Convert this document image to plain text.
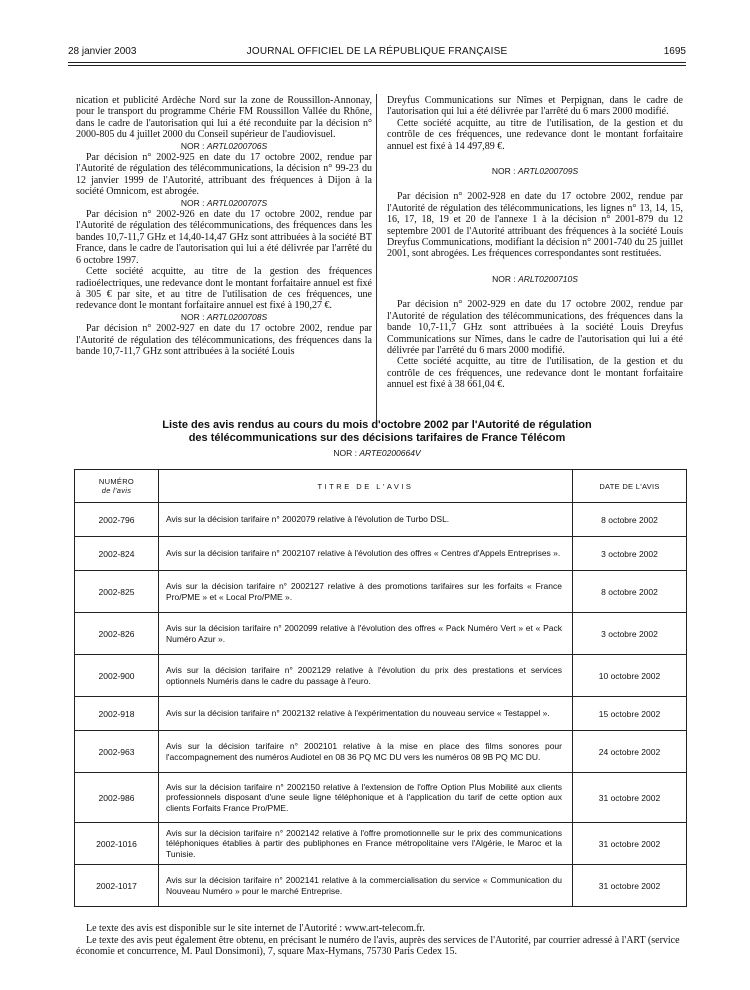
28 janvier 2003	JOURNAL OFFICIEL DE LA RÉPUBLIQUE FRANÇAISE	1695

nication et publicité Ardèche Nord sur la zone de Roussillon-Annonay, pour le transport du programme Chérie FM Roussillon Vallée du Rhône, dans le cadre de l'autorisation qui lui a été reconduite par la décision n° 2000-805 du 4 juillet 2000 du Conseil supérieur de l'audiovisuel.

NOR : ARTL0200706S

Par décision n° 2002-925 en date du 17 octobre 2002, rendue par l'Autorité de régulation des télécommunications, la décision n° 99-23 du 12 janvier 1999 de l'Autorité, attribuant des fréquences à Dijon à la société Omnicom, est abrogée.

NOR : ARTL0200707S

Par décision n° 2002-926 en date du 17 octobre 2002, rendue par l'Autorité de régulation des télécommunications, des fréquences dans les bandes 10,7-11,7 GHz et 14,40-14,47 GHz sont attribuées à la société BT France, dans le cadre de l'autorisation qui lui a été délivrée par l'arrêté du 6 octobre 1997.

Cette société acquitte, au titre de la gestion des fréquences radioélectriques, une redevance dont le montant forfaitaire annuel est fixé à 305 € par site, et au titre de l'utilisation de ces fréquences, une redevance dont le montant forfaitaire annuel est fixé à 190,27 €.

NOR : ARTL0200708S

Par décision n° 2002-927 en date du 17 octobre 2002, rendue par l'Autorité de régulation des télécommunications, des fréquences dans la bande 10,7-11,7 GHz sont attribuées à la société Louis

Dreyfus Communications sur Nîmes et Perpignan, dans le cadre de l'autorisation qui lui a été délivrée par l'arrêté du 6 mars 2000 modifié.

Cette société acquitte, au titre de l'utilisation, de la gestion et du contrôle de ces fréquences, une redevance dont le montant forfaitaire annuel est fixé à 14 497,89 €.

NOR : ARTL0200709S

Par décision n° 2002-928 en date du 17 octobre 2002, rendue par l'Autorité de régulation des télécommunications, les lignes n° 13, 14, 15, 16, 17, 18, 19 et 20 de l'annexe 1 à la décision n° 2001-879 du 12 septembre 2001 de l'Autorité attribuant des fréquences à la société Louis Dreyfus Communications, modifiant la décision n° 2001-740 du 25 juillet 2001, sont abrogées. Les fréquences correspondantes sont restituées.

NOR : ARLT0200710S

Par décision n° 2002-929 en date du 17 octobre 2002, rendue par l'Autorité de régulation des télécommunications, des fréquences dans la bande 10,7-11,7 GHz sont attribuées à la société Louis Dreyfus Communications sur Nîmes, dans le cadre de l'autorisation qui lui a été délivrée par l'arrêté du 6 mars 2000 modifié.

Cette société acquitte, au titre de l'utilisation, de la gestion et du contrôle de ces fréquences, une redevance dont le montant forfaitaire annuel est fixé à 38 661,04 €.

Liste des avis rendus au cours du mois d'octobre 2002 par l'Autorité de régulation
des télécommunications sur des décisions tarifaires de France Télécom
NOR : ARTE0200664V
NUMÉRO
de l'avis	TITRE DE L'AVIS	DATE DE L'AVIS
2002-796	Avis sur la décision tarifaire n° 2002079 relative à l'évolution de Turbo DSL.	8 octobre 2002
2002-824	Avis sur la décision tarifaire n° 2002107 relative à l'évolution des offres « Centres d'Appels Entreprises ».	3 octobre 2002
2002-825	Avis sur la décision tarifaire n° 2002127 relative à des promotions tarifaires sur les forfaits « France Pro/PME » et « Local Pro/PME ».	8 octobre 2002
2002-826	Avis sur la décision tarifaire n° 2002099 relative à l'évolution des offres « Pack Numéro Vert » et « Pack Numéro Azur ».	3 octobre 2002
2002-900	Avis sur la décision tarifaire n° 2002129 relative à l'évolution du prix des prestations et services optionnels Numéris dans le cadre du passage à l'euro.	10 octobre 2002
2002-918	Avis sur la décision tarifaire n° 2002132 relative à l'expérimentation du nouveau service « Testappel ».	15 octobre 2002
2002-963	Avis sur la décision tarifaire n° 2002101 relative à la mise en place des films sonores pour l'accompagnement des numéros Audiotel en 08 36 PQ MC DU vers les numéros 08 9B PQ MC DU.	24 octobre 2002
2002-986	Avis sur la décision tarifaire n° 2002150 relative à l'extension de l'offre Option Plus Mobilité aux clients professionnels disposant d'une seule ligne téléphonique et à l'application du tarif de cette option aux clients Forfaits France Pro/PME.	31 octobre 2002
2002-1016	Avis sur la décision tarifaire n° 2002142 relative à l'offre promotionnelle sur le prix des communications téléphoniques établies à partir des publiphones en France métropolitaine vers l'Algérie, le Maroc et la Tunisie.	31 octobre 2002
2002-1017	Avis sur la décision tarifaire n° 2002141 relative à la commercialisation du service « Communication du Nouveau Numéro » pour le marché Entreprise.	31 octobre 2002

Le texte des avis est disponible sur le site internet de l'Autorité : www.art-telecom.fr.

Le texte des avis peut également être obtenu, en précisant le numéro de l'avis, auprès des services de l'Autorité, par courrier adressé à l'ART (service économie et concurrence, M. Paul Donsimoni), 7, square Max-Hymans, 75730 Paris Cedex 15.
